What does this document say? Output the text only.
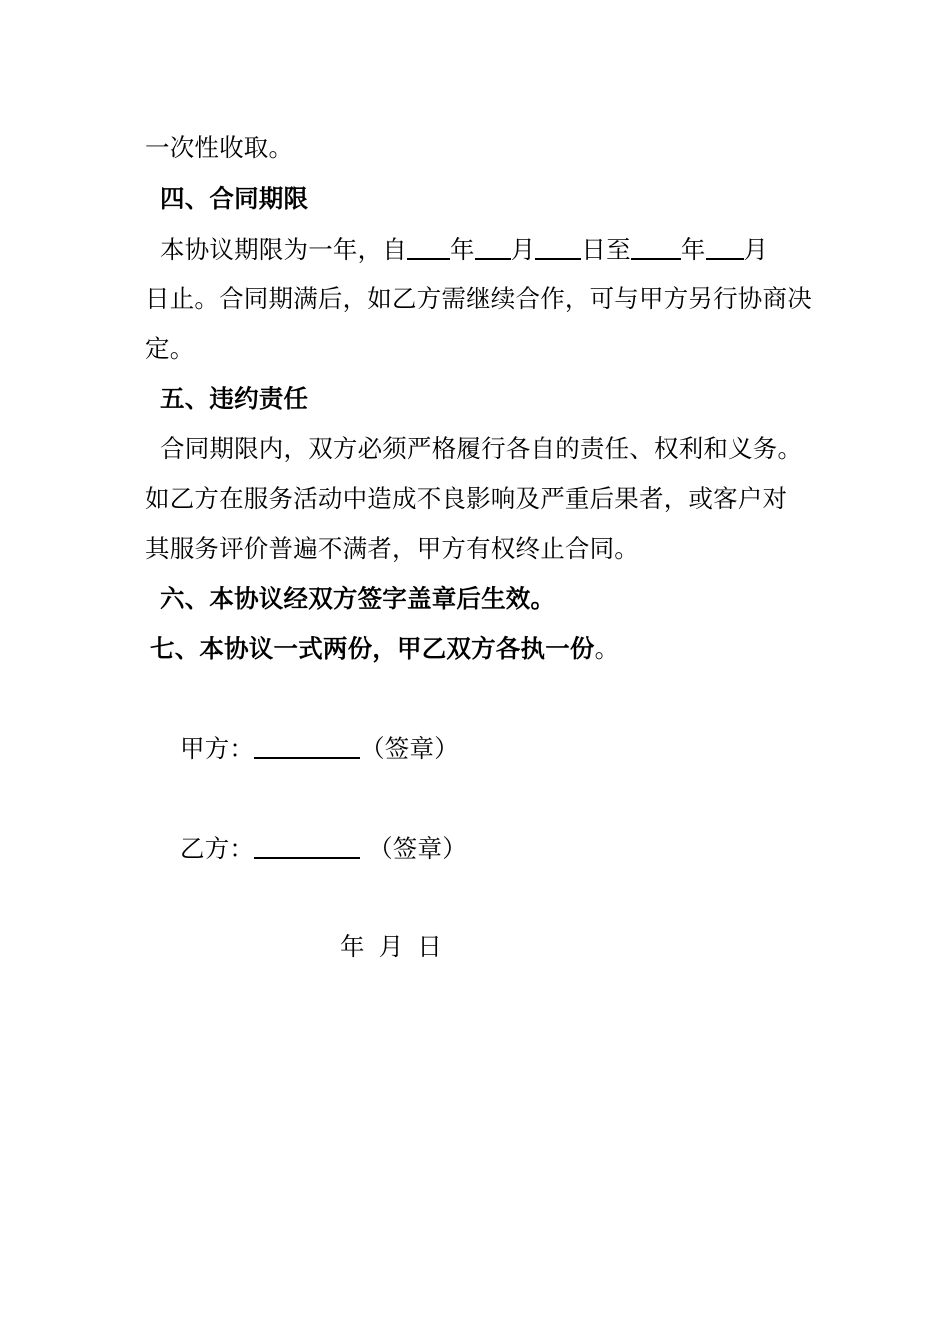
一次性收取。
四、合同期限
本协议期限为一年，自 年 月 日至 年 月
日止。合同期满后，如乙方需继续合作，可与甲方另行协商决
定。
五、违约责任
合同期限内，双方必须严格履行各自的责任、权利和义务。
如乙方在服务活动中造成不良影响及严重后果者，或客户对
其服务评价普遍不满者，甲方有权终止合同。
六、本协议经双方签字盖章后生效。
七、本协议一式两份，甲乙双方各执一份。
甲方：	（签章）
乙方：	（签章）
年 月 日
